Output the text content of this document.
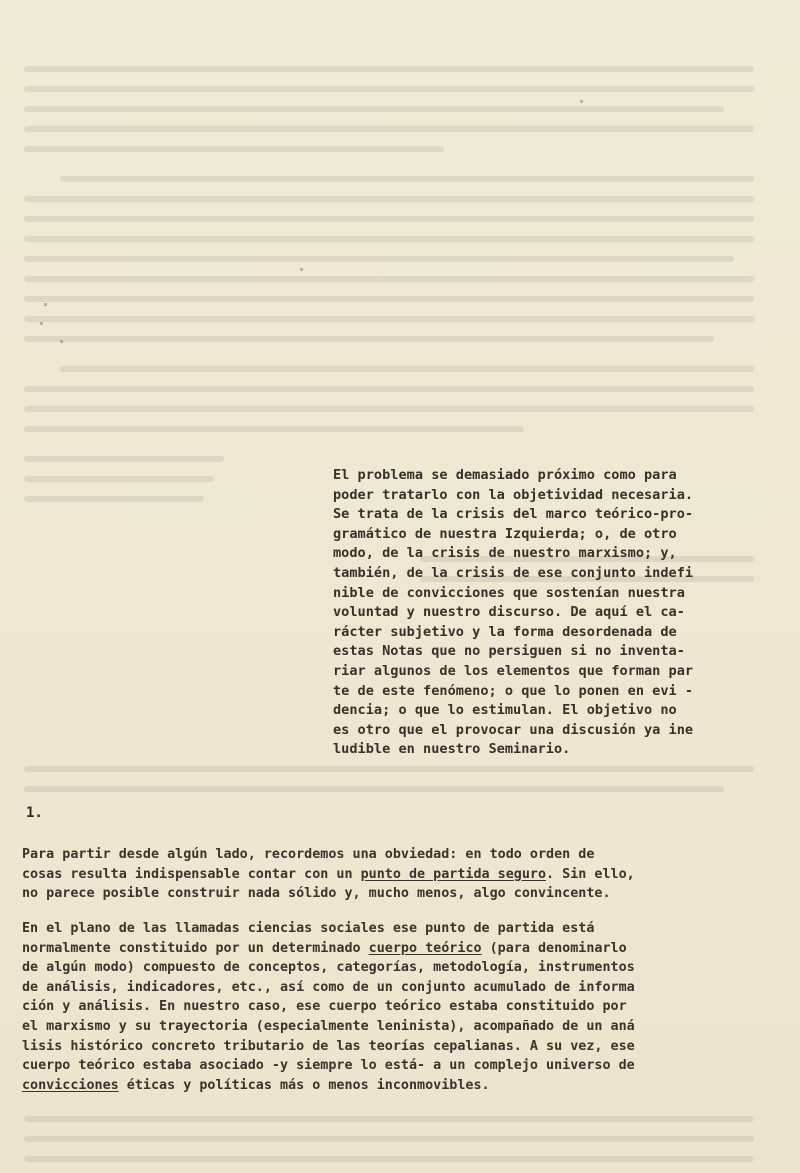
El problema se demasiado próximo como para
poder tratarlo con la objetividad necesaria.
Se trata de la crisis del marco teórico-pro-
gramático de nuestra Izquierda; o, de otro
modo, de la crisis de nuestro marxismo; y,
también, de la crisis de ese conjunto indefi
nible de convicciones que sostenían nuestra
voluntad y nuestro discurso. De aquí el ca-
rácter subjetivo y la forma desordenada de
estas Notas que no persiguen si no inventa-
riar algunos de los elementos que forman par
te de este fenómeno; o que lo ponen en evi -
dencia; o que lo estimulan. El objetivo no
es otro que el provocar una discusión ya ine
ludible en nuestro Seminario.
1.
Para partir desde algún lado, recordemos una obviedad: en todo orden de
cosas resulta indispensable contar con un punto de partida seguro. Sin ello,
no parece posible construir nada sólido y, mucho menos, algo convincente.
En el plano de las llamadas ciencias sociales ese punto de partida está
normalmente constituido por un determinado cuerpo teórico (para denominarlo
de algún modo) compuesto de conceptos, categorías, metodología, instrumentos
de análisis, indicadores, etc., así como de un conjunto acumulado de informa
ción y análisis. En nuestro caso, ese cuerpo teórico estaba constituido por
el marxismo y su trayectoria (especialmente leninista), acompañado de un aná
lisis histórico concreto tributario de las teorías cepalianas. A su vez, ese
cuerpo teórico estaba asociado -y siempre lo está- a un complejo universo de
convicciones éticas y políticas más o menos inconmovibles.
